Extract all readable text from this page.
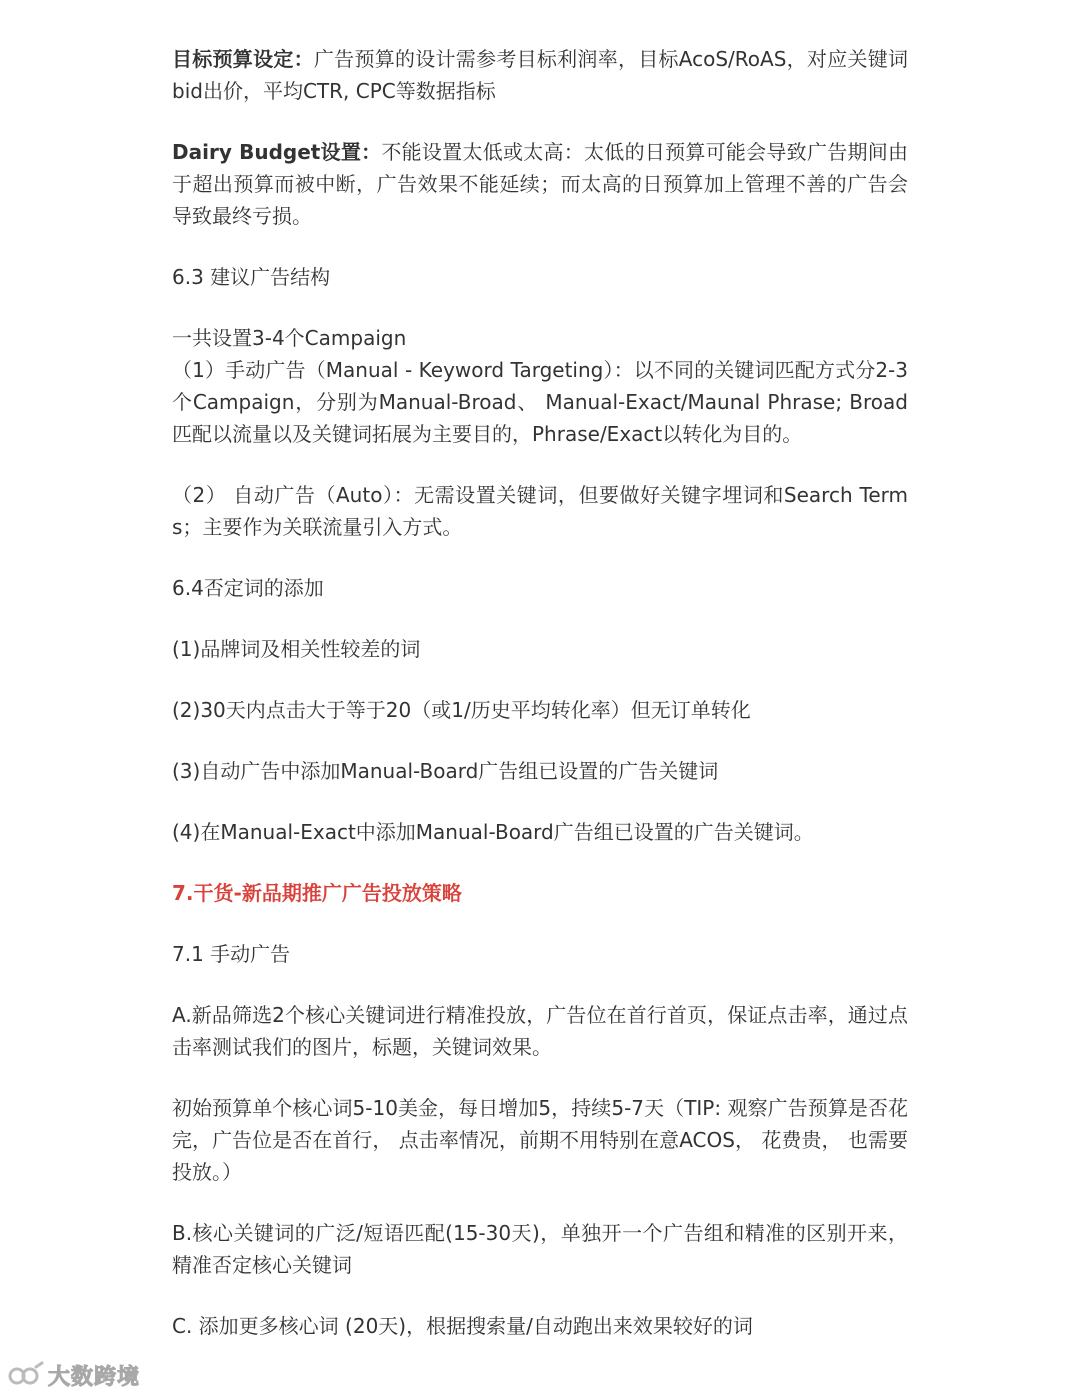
目标预算设定：广告预算的设计需参考目标利润率，目标AcoS/RoAS，对应关键词bid出价，平均CTR, CPC等数据指标

Dairy Budget设置：不能设置太低或太高：太低的日预算可能会导致广告期间由于超出预算而被中断，广告效果不能延续；而太高的日预算加上管理不善的广告会导致最终亏损。

6.3 建议广告结构

一共设置3-4个Campaign
（1）手动广告（Manual - Keyword Targeting）：以不同的关键词匹配方式分2-3个Campaign，分别为Manual-Broad、 Manual-Exact/Maunal Phrase; Broad匹配以流量以及关键词拓展为主要目的，Phrase/Exact以转化为目的。

（2） 自动广告（Auto）：无需设置关键词，但要做好关键字埋词和Search Terms；主要作为关联流量引入方式。

6.4否定词的添加

(1)品牌词及相关性较差的词

(2)30天内点击大于等于20（或1/历史平均转化率）但无订单转化

(3)自动广告中添加Manual-Board广告组已设置的广告关键词

(4)在Manual-Exact中添加Manual-Board广告组已设置的广告关键词。

7.干货-新品期推广广告投放策略

7.1 手动广告

A.新品筛选2个核心关键词进行精准投放，广告位在首行首页，保证点击率，通过点击率测试我们的图片，标题，关键词效果。

初始预算单个核心词5-10美金，每日增加5，持续5-7天（TIP: 观察广告预算是否花完，广告位是否在首行， 点击率情况，前期不用特别在意ACOS， 花费贵， 也需要投放。）

B.核心关键词的广泛/短语匹配(15-30天)，单独开一个广告组和精准的区别开来，精准否定核心关键词

C. 添加更多核心词 (20天)，根据搜索量/自动跑出来效果较好的词

大数跨境
